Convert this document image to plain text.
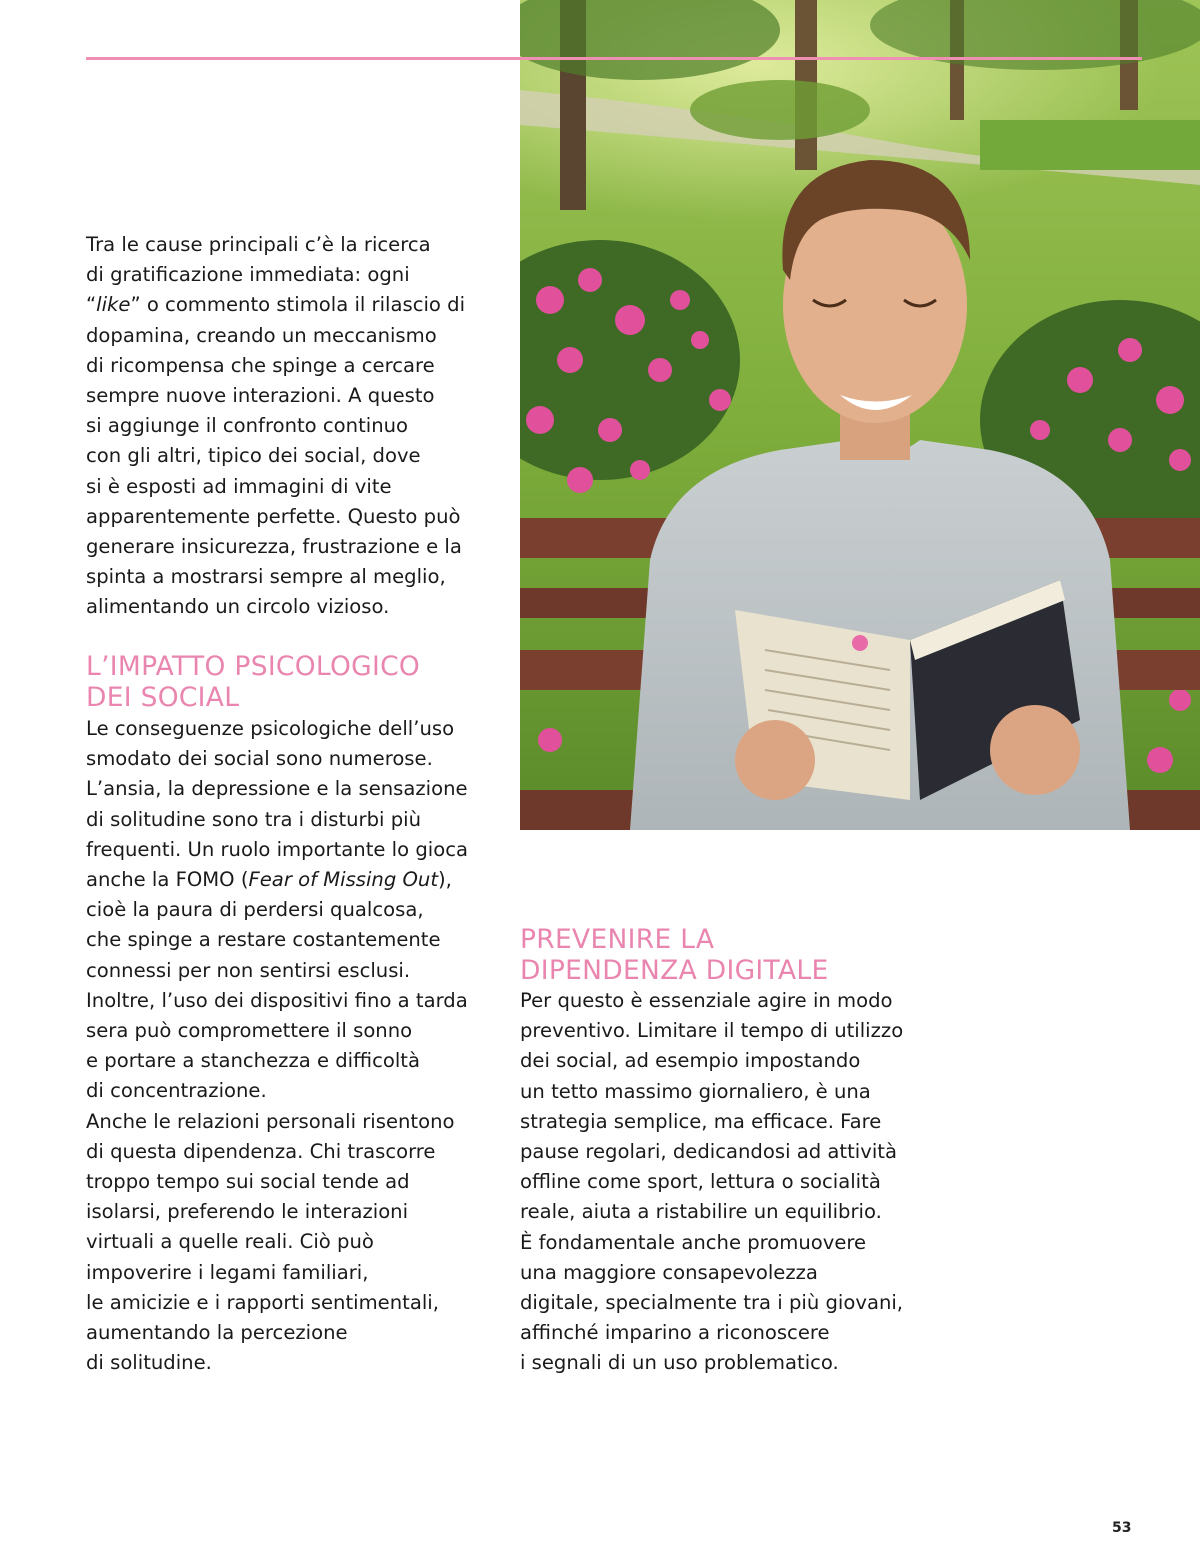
Tra le cause principali c’è la ricerca

di gratificazione immediata: ogni

“like” o commento stimola il rilascio di

dopamina, creando un meccanismo

di ricompensa che spinge a cercare

sempre nuove interazioni. A questo

si aggiunge il confronto continuo

con gli altri, tipico dei social, dove

si è esposti ad immagini di vite

apparentemente perfette. Questo può

generare insicurezza, frustrazione e la

spinta a mostrarsi sempre al meglio,

alimentando un circolo vizioso.

L’IMPATTO PSICOLOGICO
DEI SOCIAL

Le conseguenze psicologiche dell’uso

smodato dei social sono numerose.

L’ansia, la depressione e la sensazione

di solitudine sono tra i disturbi più

frequenti. Un ruolo importante lo gioca

anche la FOMO (Fear of Missing Out),

cioè la paura di perdersi qualcosa,

che spinge a restare costantemente

connessi per non sentirsi esclusi.

Inoltre, l’uso dei dispositivi fino a tarda

sera può compromettere il sonno

e portare a stanchezza e difficoltà

di concentrazione.

Anche le relazioni personali risentono

di questa dipendenza. Chi trascorre

troppo tempo sui social tende ad

isolarsi, preferendo le interazioni

virtuali a quelle reali. Ciò può

impoverire i legami familiari,

le amicizie e i rapporti sentimentali,

aumentando la percezione

di solitudine.

PREVENIRE LA
DIPENDENZA DIGITALE

Per questo è essenziale agire in modo

preventivo. Limitare il tempo di utilizzo

dei social, ad esempio impostando

un tetto massimo giornaliero, è una

strategia semplice, ma efficace. Fare

pause regolari, dedicandosi ad attività

offline come sport, lettura o socialità

reale, aiuta a ristabilire un equilibrio.

È fondamentale anche promuovere

una maggiore consapevolezza

digitale, specialmente tra i più giovani,

affinché imparino a riconoscere

i segnali di un uso problematico.

53
